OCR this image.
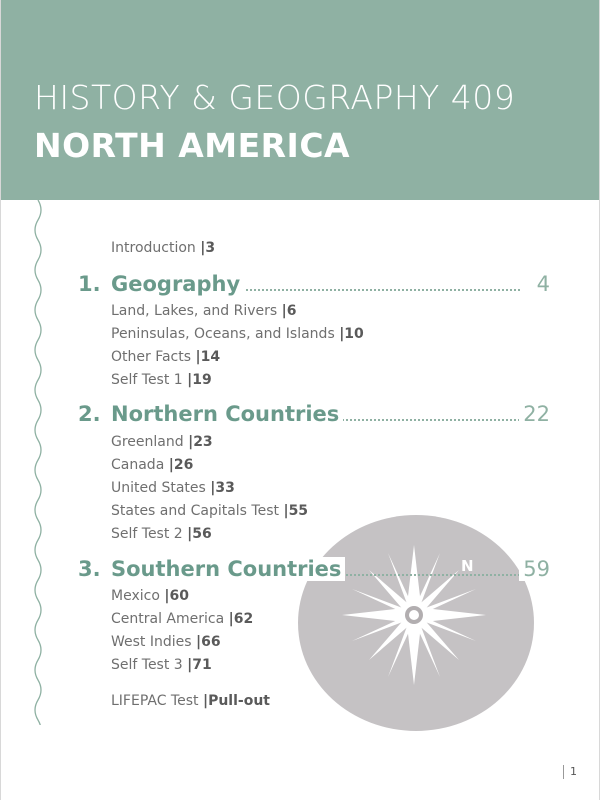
HISTORY & GEOGRAPHY 409
NORTH AMERICA
N
Introduction |3
1. Geography	4
Land, Lakes, and Rivers |6
Peninsulas, Oceans, and Islands |10
Other Facts |14
Self Test 1 |19
2. Northern Countries	22
Greenland |23
Canada |26
United States |33
States and Capitals Test |55
Self Test 2 |56
3. Southern Countries	59
Mexico |60
Central America |62
West Indies |66
Self Test 3 |71
LIFEPAC Test |Pull-out
1
